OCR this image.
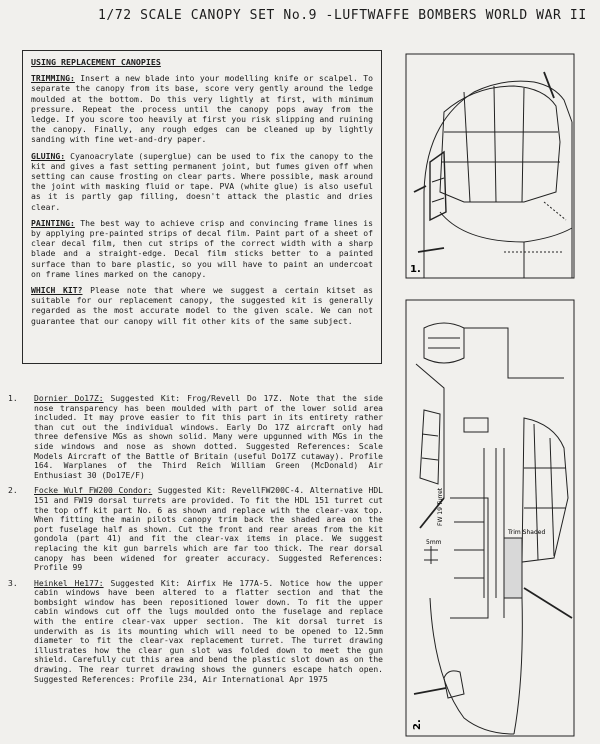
1/72 SCALE CANOPY SET No.9 -LUFTWAFFE BOMBERS WORLD WAR II
USING REPLACEMENT CANOPIES
TRIMMING: Insert a new blade into your modelling knife or scalpel. To separate the canopy from its base, score very gently around the ledge moulded at the bottom. Do this very lightly at first, with minimum pressure. Repeat the process until the canopy pops away from the ledge. If you score too heavily at first you risk slipping and ruining the canopy. Finally, any rough edges can be cleaned up by lightly sanding with fine wet-and-dry paper.
GLUING: Cyanoacrylate (superglue) can be used to fix the canopy to the kit and gives a fast setting permanent joint, but fumes given off when setting can cause frosting on clear parts. Where possible, mask around the joint with masking fluid or tape. PVA (white glue) is also useful as it is partly gap filling, doesn't attack the plastic and dries clear.
PAINTING: The best way to achieve crisp and convincing frame lines is by applying pre-painted strips of decal film. Paint part of a sheet of clear decal film, then cut strips of the correct width with a sharp blade and a straight-edge. Decal film sticks better to a painted surface than to bare plastic, so you will have to paint an undercoat on frame lines marked on the canopy.
WHICH KIT? Please note that where we suggest a certain kitset as suitable for our replacement canopy, the suggested kit is generally regarded as the most accurate model to the given scale. We can not guarantee that our canopy will fit other kits of the same subject.
1.	Dornier Do17Z: Suggested Kit: Frog/Revell Do 17Z. Note that the side nose transparency has been moulded with part of the lower solid area included. It may prove easier to fit this part in its entirety rather than cut out the individual windows. Early Do 17Z aircraft only had three defensive MGs as shown solid. Many were upgunned with MGs in the side windows and nose as shown dotted. Suggested References: Scale Models Aircraft of the Battle of Britain (useful Do17Z cutaway). Profile 164. Warplanes of the Third Reich William Green (McDonald) Air Enthusiast 30 (Do17E/F)
2.	Focke Wulf FW200 Condor: Suggested Kit: RevellFW200C-4. Alternative HDL 151 and FW19 dorsal turrets are provided. To fit the HDL 151 turret cut the top off kit part No. 6 as shown and replace with the clear-vax top. When fitting the main pilots canopy trim back the shaded area on the port fuselage half as shown. Cut the front and rear areas from the kit gondola (part 41) and fit the clear-vax items in place. We suggest replacing the kit gun barrels which are far too thick. The rear dorsal canopy has been widened for greater accuracy. Suggested References: Profile 99
3.	Heinkel He177: Suggested Kit: Airfix He 177A-5. Notice how the upper cabin windows have been altered to a flatter section and that the bombsight window has been repositioned lower down. To fit the upper cabin windows cut off the lugs moulded onto the fuselage and replace with the entire clear-vax upper section. The kit dorsal turret is underwith as is its mounting which will need to be opened to 12.5mm diameter to fit the clear-vax replacement turret. The turret drawing illustrates how the clear gun slot was folded down to meet the gun shield. Carefully cut this area and bend the plastic slot down as on the drawing. The rear turret drawing shows the gunners escape hatch open. Suggested References: Profile 234, Air International Apr 1975
1.
FW 19 Turret
5mm
Trim Shaded
2.
